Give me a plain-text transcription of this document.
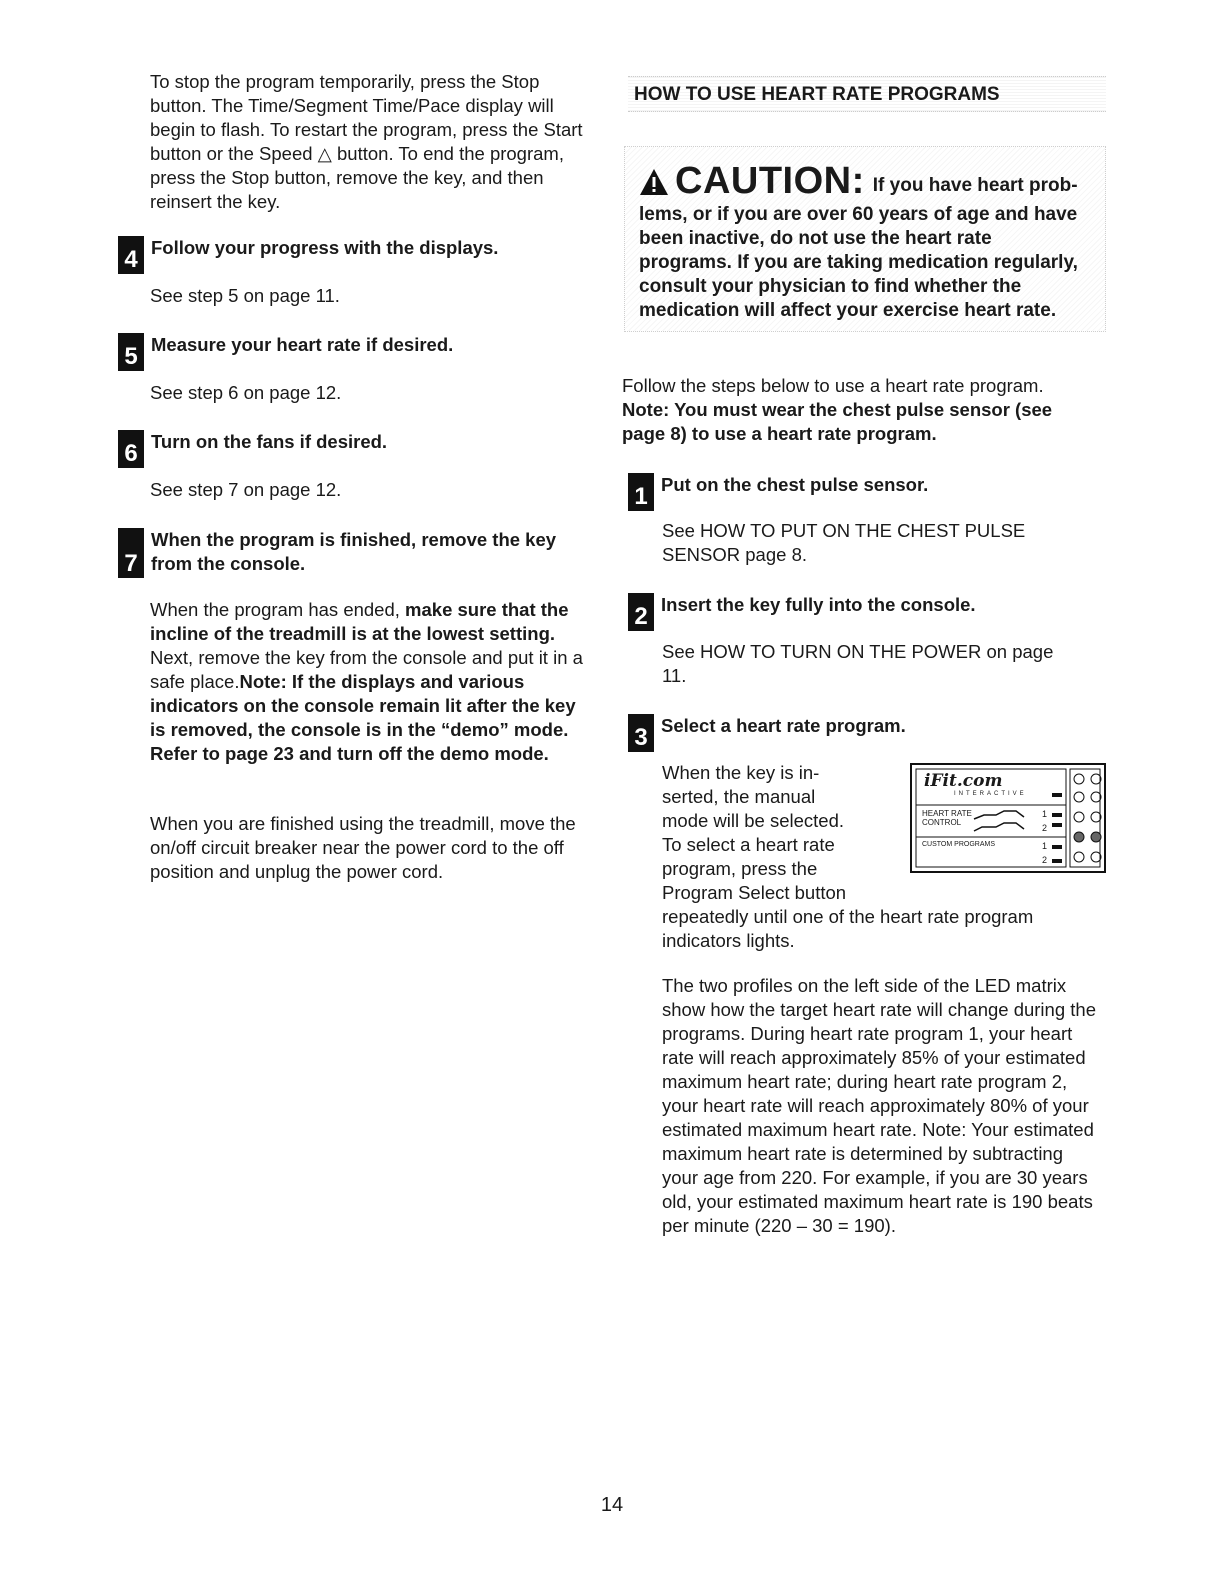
To stop the program temporarily, press the Stop button. The Time/Segment Time/Pace display will begin to flash. To restart the program, press the Start button or the Speed △ button. To end the program, press the Stop button, remove the key, and then reinsert the key.

4 Follow your progress with the displays.

See step 5 on page 11.

5 Measure your heart rate if desired.

See step 6 on page 12.

6 Turn on the fans if desired.

See step 7 on page 12.

7
When the program is finished, remove the key from the console.

When the program has ended, make sure that the incline of the treadmill is at the lowest setting. Next, remove the key from the console and put it in a safe place.Note: If the displays and various indicators on the console remain lit after the key is removed, the console is in the “demo” mode. Refer to page 23 and turn off the demo mode.

When you are finished using the treadmill, move the on/off circuit breaker near the power cord to the off position and unplug the power cord.

HOW TO USE HEART RATE PROGRAMS
CAUTION: If you have heart prob-
lems, or if you are over 60 years of age and have been inactive, do not use the heart rate programs. If you are taking medication regularly, consult your physician to find whether the medication will affect your exercise heart rate.

Follow the steps below to use a heart rate program.

Note: You must wear the chest pulse sensor (see page 8) to use a heart rate program.

1 Put on the chest pulse sensor.

See HOW TO PUT ON THE CHEST PULSE SENSOR page 8.

2 Insert the key fully into the console.

See HOW TO TURN ON THE POWER on page 11.

3 Select a heart rate program.
When the key is in-
serted, the manual
mode will be selected.
To select a heart rate
program, press the
Program Select button

repeatedly until one of the heart rate program indicators lights.

iFit.com
INTERACTIVE
HEART RATE
CONTROL
CUSTOM PROGRAMS
1
2
1
2

The two profiles on the left side of the LED matrix show how the target heart rate will change during the programs. During heart rate program 1, your heart rate will reach approximately 85% of your estimated maximum heart rate; during heart rate program 2, your heart rate will reach approximately 80% of your estimated maximum heart rate. Note: Your estimated maximum heart rate is determined by subtracting your age from 220. For example, if you are 30 years old, your estimated maximum heart rate is 190 beats per minute (220 – 30 = 190).

14
